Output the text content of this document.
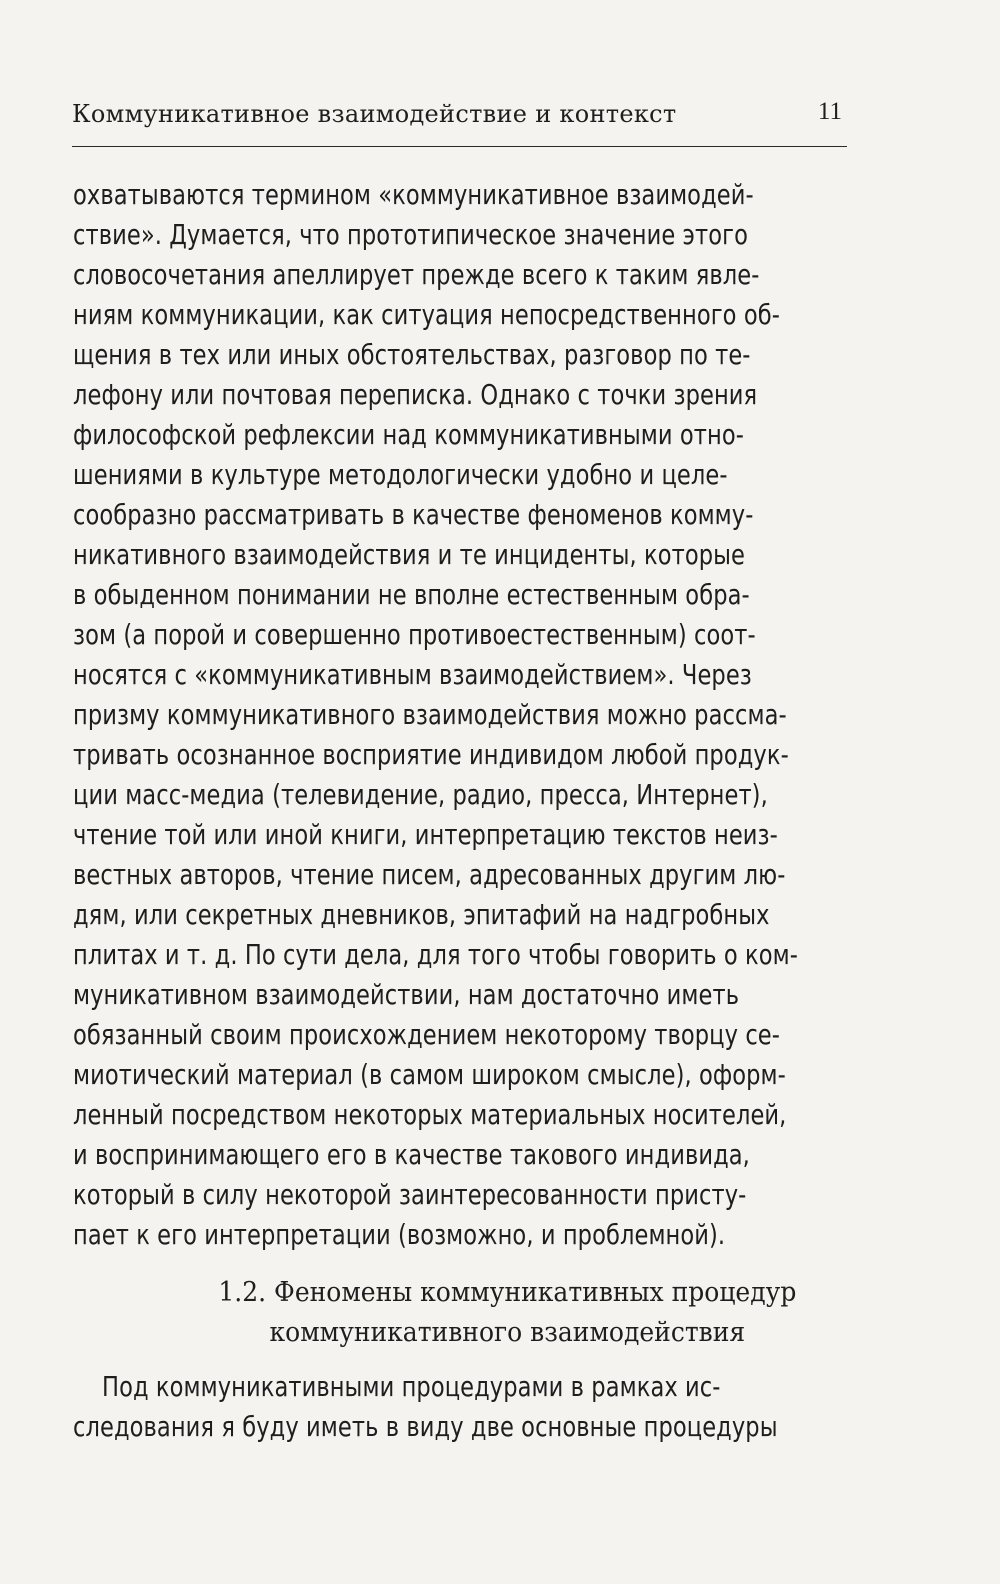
Коммуникативное взаимодействие и контекст	11
охватываются термином «коммуникативное взаимодей-
ствие». Думается, что прототипическое значение этого
словосочетания апеллирует прежде всего к таким явле-
ниям коммуникации, как ситуация непосредственного об-
щения в тех или иных обстоятельствах, разговор по те-
лефону или почтовая переписка. Однако с точки зрения
философской рефлексии над коммуникативными отно-
шениями в культуре методологически удобно и целе-
сообразно рассматривать в качестве феноменов комму-
никативного взаимодействия и те инциденты, которые
в обыденном понимании не вполне естественным обра-
зом (а порой и совершенно противоестественным) соот-
носятся с «коммуникативным взаимодействием». Через
призму коммуникативного взаимодействия можно рассма-
тривать осознанное восприятие индивидом любой продук-
ции масс-медиа (телевидение, радио, пресса, Интернет),
чтение той или иной книги, интерпретацию текстов неиз-
вестных авторов, чтение писем, адресованных другим лю-
дям, или секретных дневников, эпитафий на надгробных
плитах и т. д. По сути дела, для того чтобы говорить о ком-
муникативном взаимодействии, нам достаточно иметь
обязанный своим происхождением некоторому творцу се-
миотический материал (в самом широком смысле), оформ-
ленный посредством некоторых материальных носителей,
и воспринимающего его в качестве такового индивида,
который в силу некоторой заинтересованности присту-
пает к его интерпретации (возможно, и проблемной).
1.2. Феномены коммуникативных процедур
коммуникативного взаимодействия
Под коммуникативными процедурами в рамках ис-
следования я буду иметь в виду две основные процедуры
